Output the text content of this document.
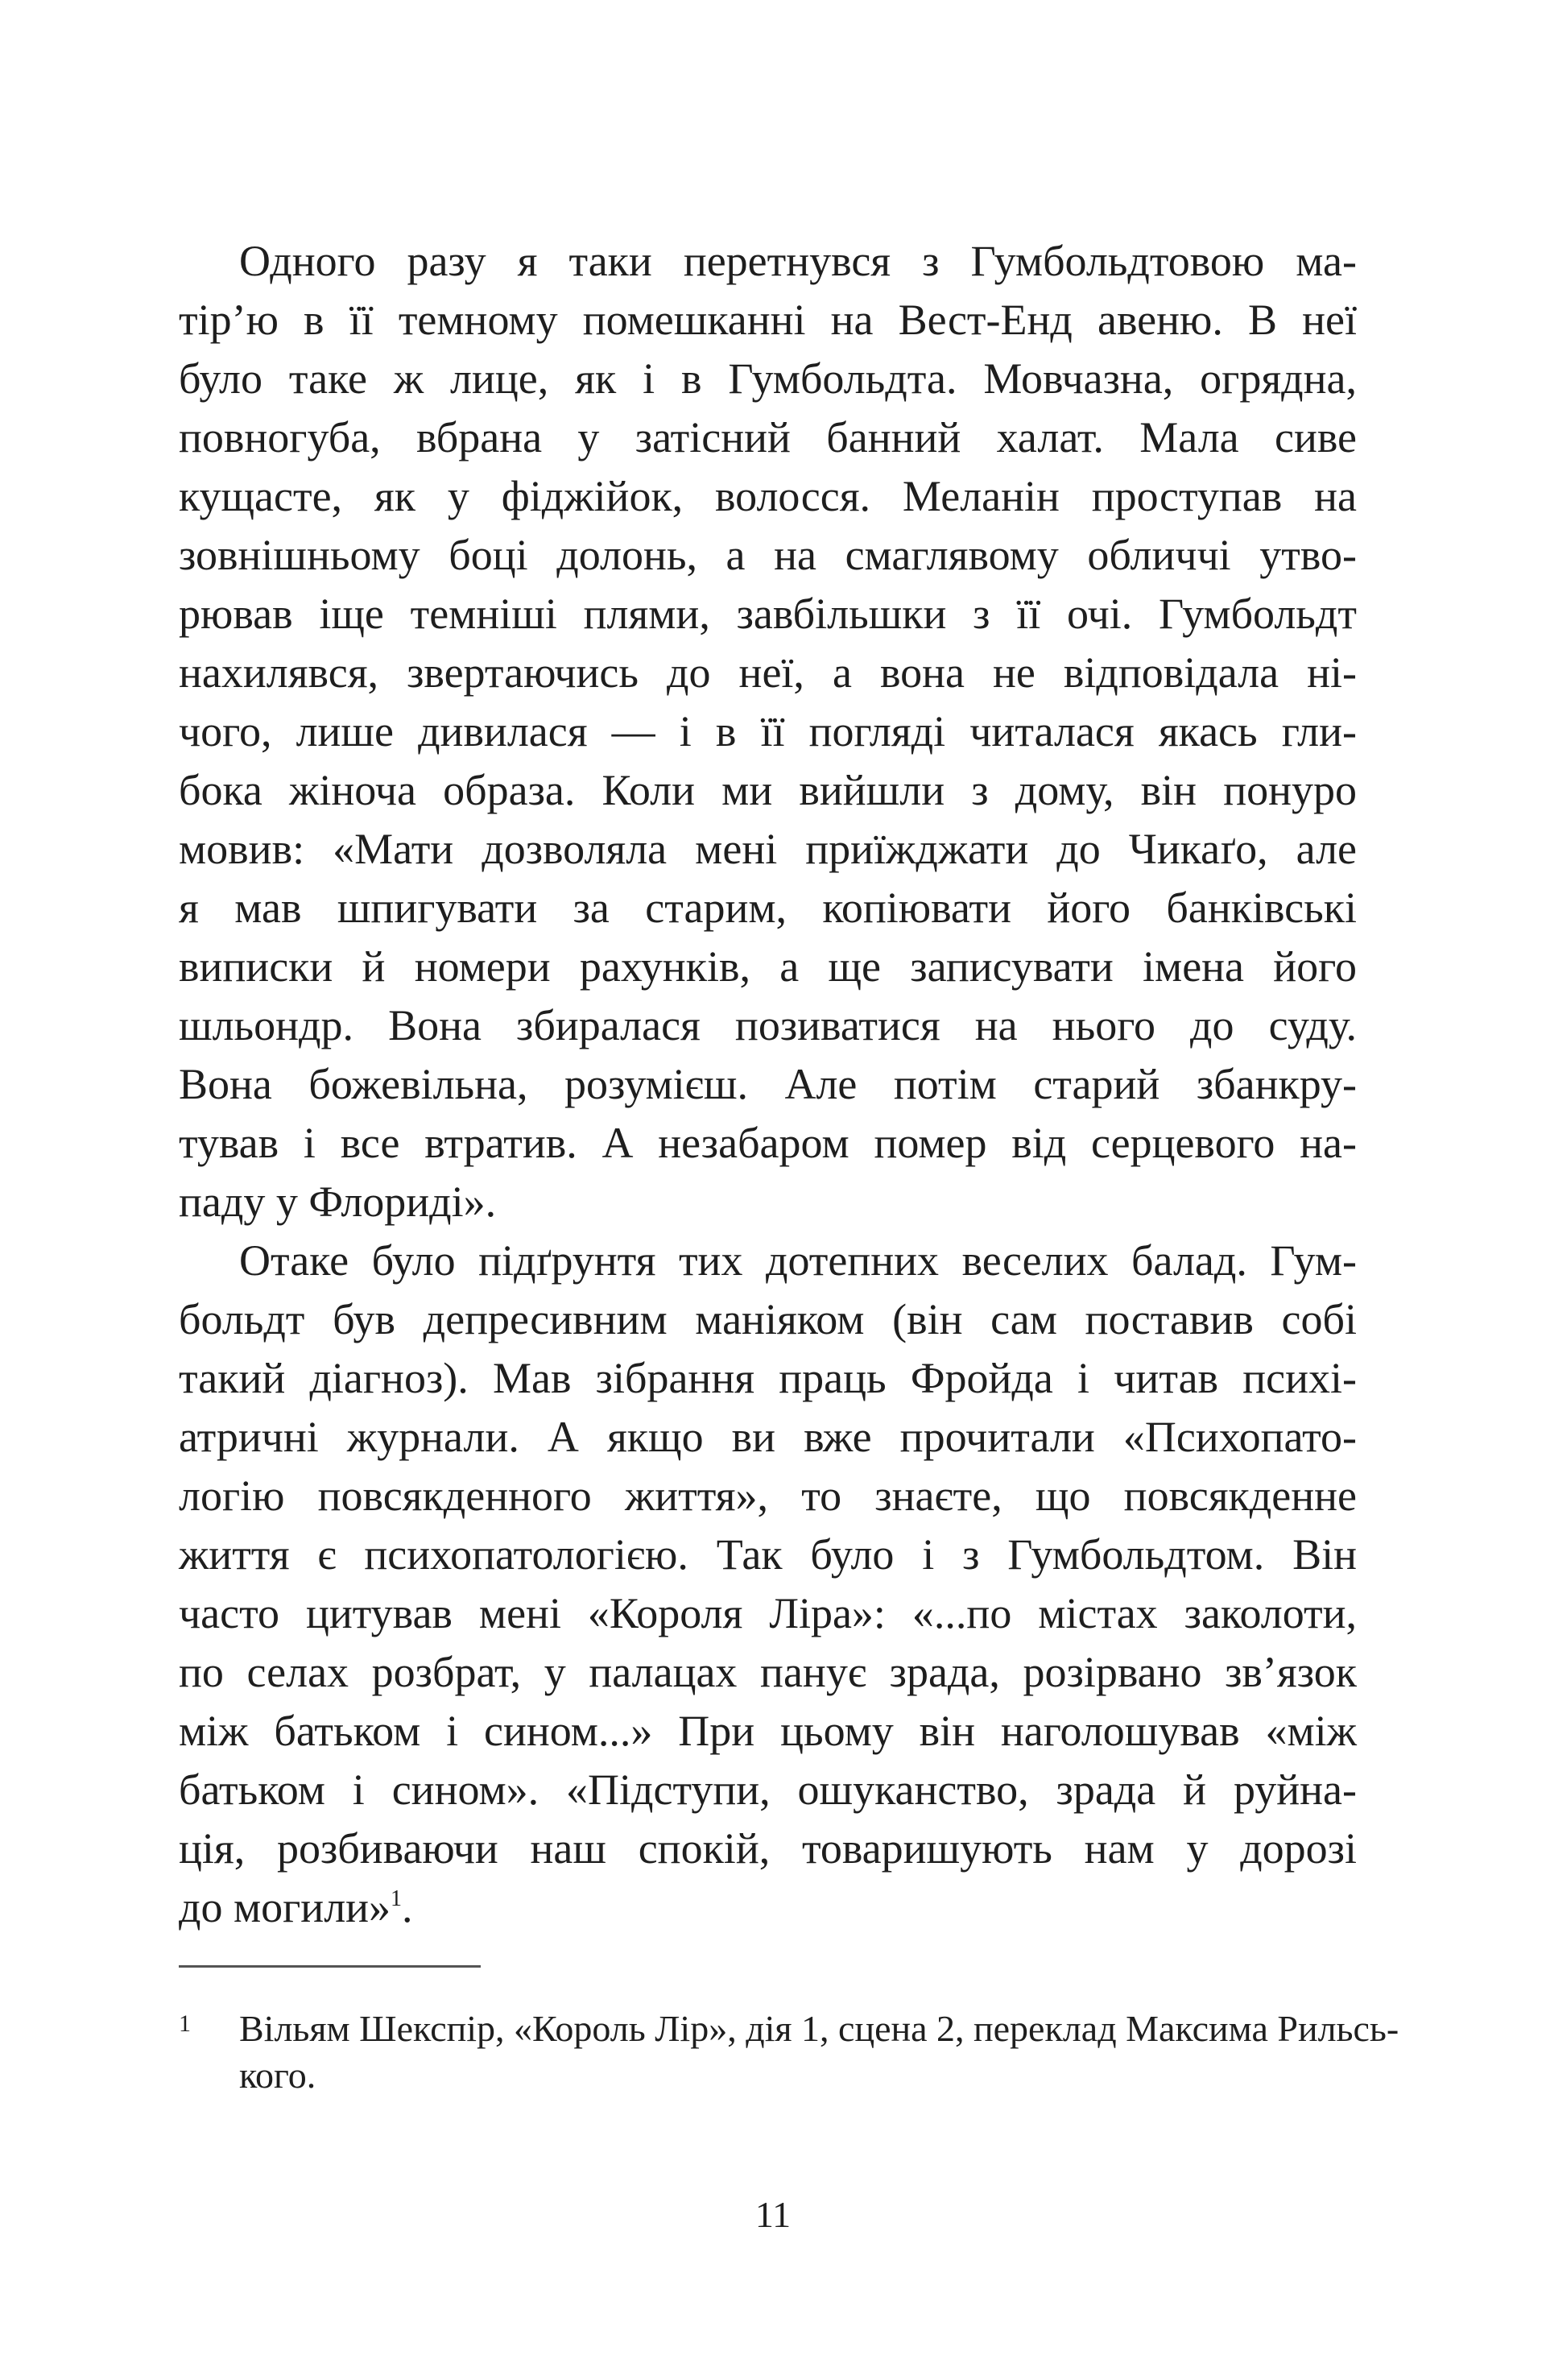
Одного разу я таки перетнувся з Гумбольдтовою ма-
тір’ю в її темному помешканні на Вест-Енд авеню. В неї
було таке ж лице, як і в Гумбольдта. Мовчазна, огрядна,
повногуба, вбрана у затісний банний халат. Мала сиве
кущасте, як у фіджійок, волосся. Меланін проступав на
зовнішньому боці долонь, а на смаглявому обличчі утво-
рював іще темніші плями, завбільшки з її очі. Гумбольдт
нахилявся, звертаючись до неї, а вона не відповідала ні-
чого, лише дивилася — і в її погляді читалася якась гли-
бока жіноча образа. Коли ми вийшли з дому, він понуро
мовив: «Мати дозволяла мені приїжджати до Чикаґо, але
я мав шпигувати за старим, копіювати його банківські
виписки й номери рахунків, а ще записувати імена його
шльондр. Вона збиралася позиватися на нього до суду.
Вона божевільна, розумієш. Але потім старий збанкру-
тував і все втратив. А незабаром помер від серцевого на-
паду у Флориді».
Отаке було підґрунтя тих дотепних веселих балад. Гум-
больдт був депресивним маніяком (він сам поставив собі
такий діагноз). Мав зібрання праць Фройда і читав психі-
атричні журнали. А якщо ви вже прочитали «Психопато-
логію повсякденного життя», то знаєте, що повсякденне
життя є психопатологією. Так було і з Гумбольдтом. Він
часто цитував мені «Короля Ліра»: «...по містах заколоти,
по селах розбрат, у палацах панує зрада, розірвано зв’язок
між батьком і сином...» При цьому він наголошував «між
батьком і сином». «Підступи, ошуканство, зрада й руйна-
ція, розбиваючи наш спокій, товаришують нам у дорозі
до могили»$^1$.
1 Вільям Шекспір, «Король Лір», дія 1, сцена 2, переклад Максима Рильсь-
кого.
11
